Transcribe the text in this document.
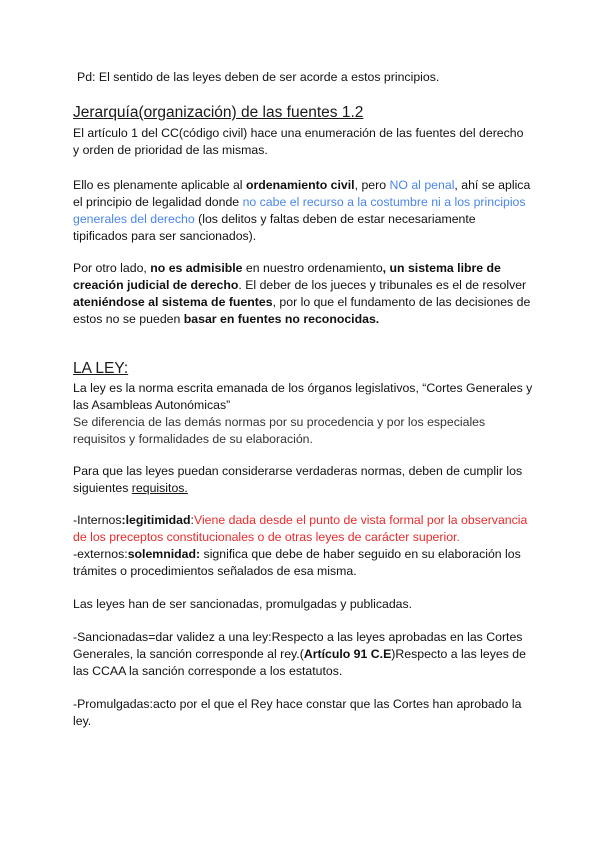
Pd: El sentido de las leyes deben de ser acorde a estos principios.

Jerarquía(organización) de las fuentes 1.2

El artículo 1 del CC(código civil) hace una enumeración de las fuentes del derecho y orden de prioridad de las mismas.

Ello es plenamente aplicable al ordenamiento civil, pero NO al penal, ahí se aplica el principio de legalidad donde no cabe el recurso a la costumbre ni a los principios generales del derecho (los delitos y faltas deben de estar necesariamente tipificados para ser sancionados).

Por otro lado, no es admisible en nuestro ordenamiento, un sistema libre de creación judicial de derecho. El deber de los jueces y tribunales es el de resolver ateniéndose al sistema de fuentes, por lo que el fundamento de las decisiones de estos no se pueden basar en fuentes no reconocidas.

LA LEY:

La ley es la norma escrita emanada de los órganos legislativos, “Cortes Generales y las Asambleas Autonómicas”

Se diferencia de las demás normas por su procedencia y por los especiales requisitos y formalidades de su elaboración.

Para que las leyes puedan considerarse verdaderas normas, deben de cumplir los siguientes requisitos.

-Internos:legitimidad:Viene dada desde el punto de vista formal por la observancia de los preceptos constitucionales o de otras leyes de carácter superior.
-externos:solemnidad: significa que debe de haber seguido en su elaboración los trámites o procedimientos señalados de esa misma.

Las leyes han de ser sancionadas, promulgadas y publicadas.

-Sancionadas=dar validez a una ley:Respecto a las leyes aprobadas en las Cortes Generales, la sanción corresponde al rey.(Artículo 91 C.E)Respecto a las leyes de las CCAA la sanción corresponde a los estatutos.

-Promulgadas:acto por el que el Rey hace constar que las Cortes han aprobado la ley.
